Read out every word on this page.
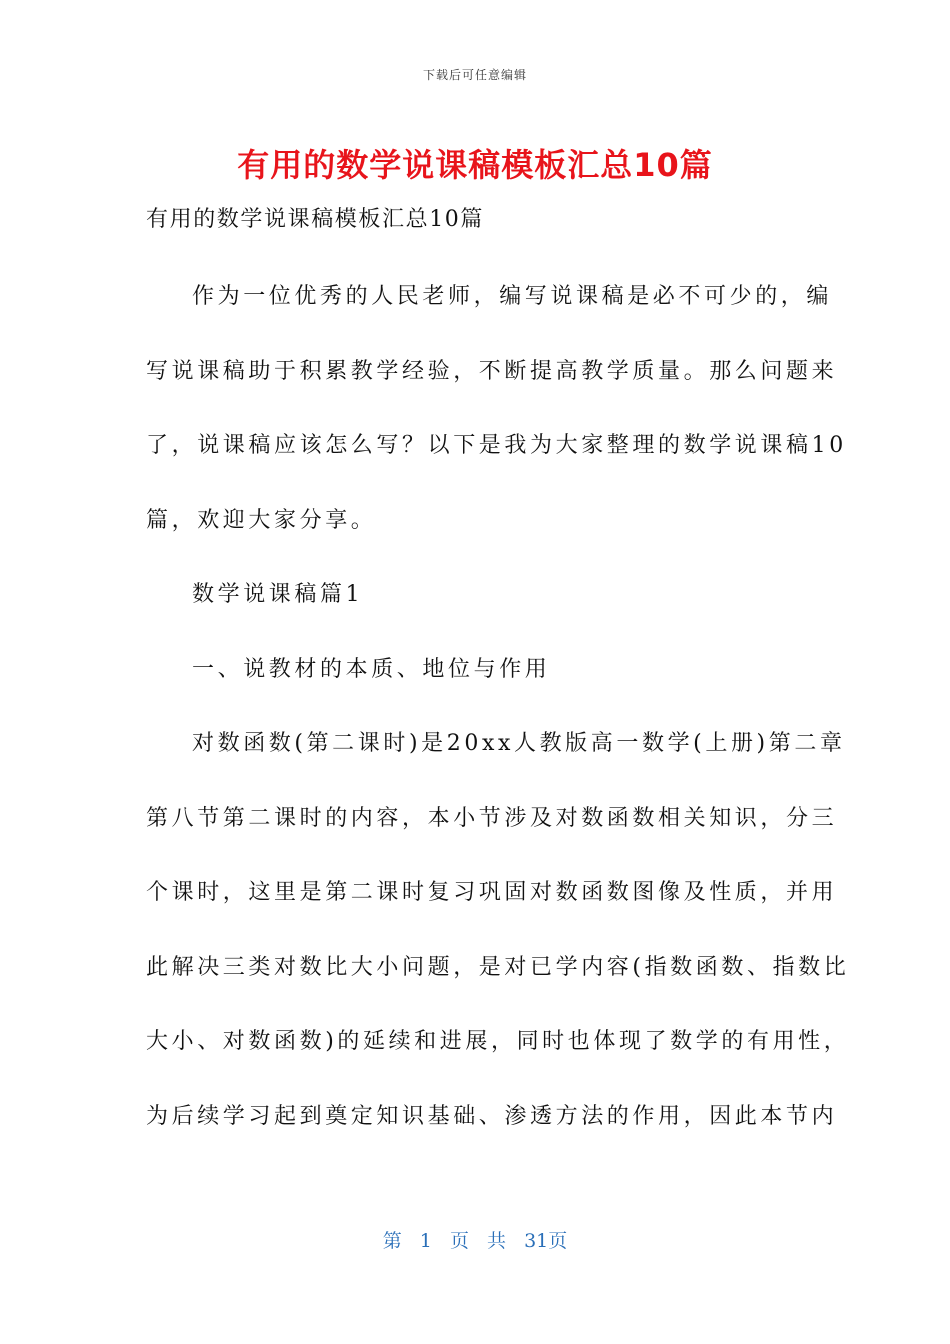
下载后可任意编辑
有用的数学说课稿模板汇总10篇
有用的数学说课稿模板汇总10篇
作为一位优秀的人民老师，编写说课稿是必不可少的，编
写说课稿助于积累教学经验，不断提高教学质量。那么问题来
了，说课稿应该怎么写？以下是我为大家整理的数学说课稿10
篇，欢迎大家分享。
数学说课稿篇1
一、说教材的本质、地位与作用
对数函数(第二课时)是20xx人教版高一数学(上册)第二章
第八节第二课时的内容，本小节涉及对数函数相关知识，分三
个课时，这里是第二课时复习巩固对数函数图像及性质，并用
此解决三类对数比大小问题，是对已学内容(指数函数、指数比
大小、对数函数)的延续和进展，同时也体现了数学的有用性，
为后续学习起到奠定知识基础、渗透方法的作用，因此本节内
第 1 页 共 31页
